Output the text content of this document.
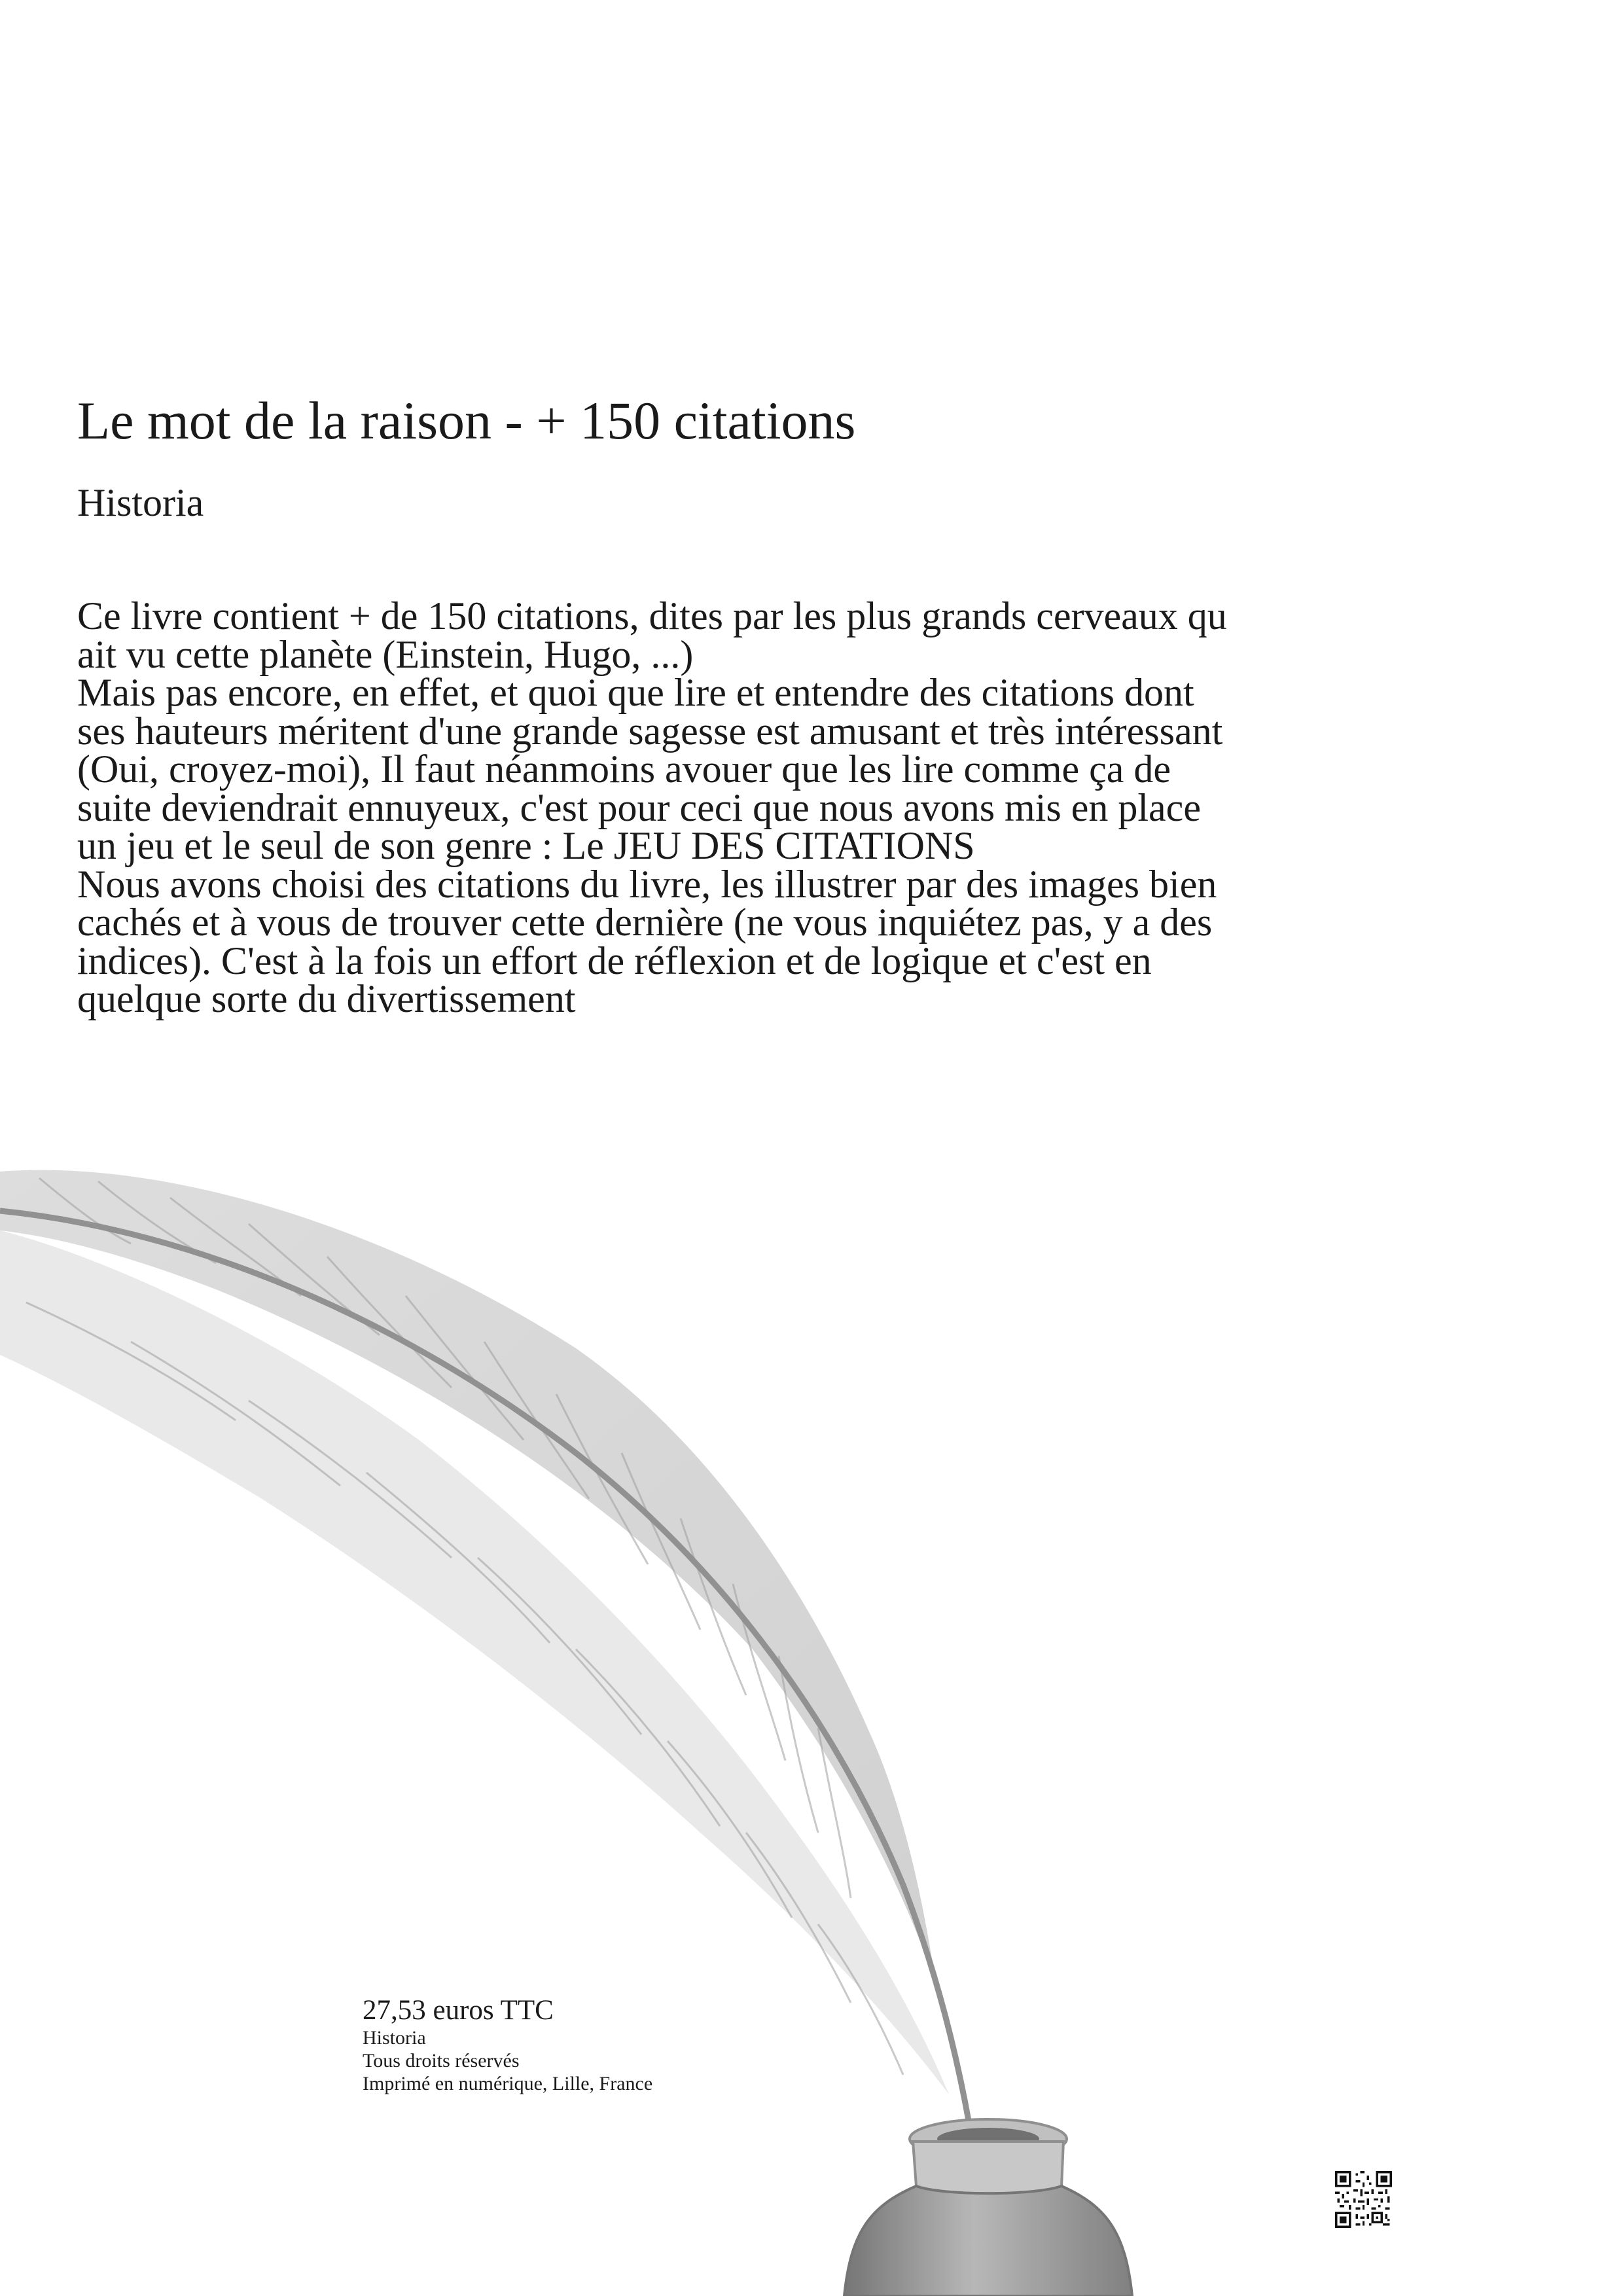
Le mot de la raison - + 150 citations
Historia

Ce livre contient + de 150 citations, dites par les plus grands cerveaux qu ait vu cette planète (Einstein, Hugo, ...)

Mais pas encore, en effet, et quoi que lire et entendre des citations dont ses hauteurs méritent d'une grande sagesse est amusant et très intéressant (Oui, croyez-moi), Il faut néanmoins avouer que les lire comme ça de suite deviendrait ennuyeux, c'est pour ceci que nous avons mis en place un jeu et le seul de son genre : Le JEU DES CITATIONS

Nous avons choisi des citations du livre, les illustrer par des images bien cachés et à vous de trouver cette dernière (ne vous inquiétez pas, y a des indices). C'est à la fois un effort de réflexion et de logique et c'est en quelque sorte du divertissement

27,53 euros TTC
Historia
Tous droits réservés
Imprimé en numérique, Lille, France
